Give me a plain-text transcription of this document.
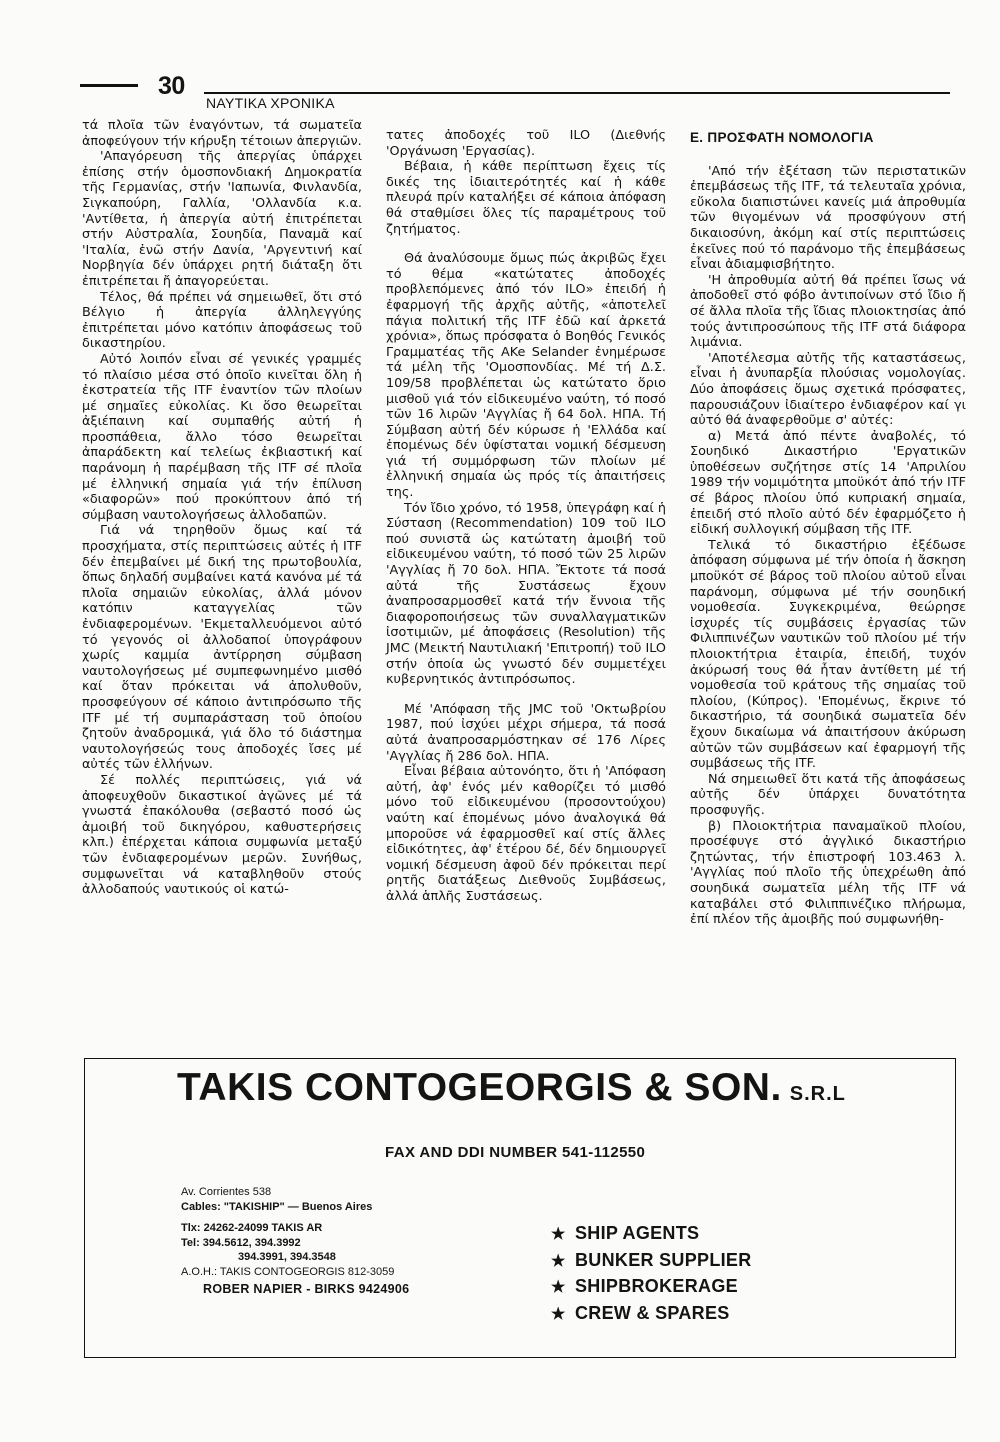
30
ΝΑΥΤΙΚΑ ΧΡΟΝΙΚΑ

τά πλοῖα τῶν ἐναγόντων, τά σωματεῖα ἀποφεύγουν τήν κήρυξη τέτοιων ἀπεργιῶν.

'Απαγόρευση τῆς ἀπεργίας ὑπάρχει ἐπίσης στήν ὁμοσπονδιακή Δημοκρατία τῆς Γερμανίας, στήν 'Ιαπωνία, Φινλανδία, Σιγκαπούρη, Γαλλία, 'Ολλανδία κ.α. 'Αντίθετα, ἡ ἀπεργία αὐτή ἐπιτρέπεται στήν Αὐστραλία, Σουηδία, Παναμᾶ καί 'Ιταλία, ἐνῶ στήν Δανία, 'Αργεντινή καί Νορβηγία δέν ὑπάρχει ρητή διάταξη ὅτι ἐπιτρέπεται ἤ ἀπαγορεύεται.

Τέλος, θά πρέπει νά σημειωθεῖ, ὅτι στό Βέλγιο ἡ ἀπεργία ἀλληλεγγύης ἐπιτρέπεται μόνο κατόπιν ἀποφάσεως τοῦ δικαστηρίου.

Αὐτό λοιπόν εἶναι σέ γενικές γραμμές τό πλαίσιο μέσα στό ὁποῖο κινεῖται ὅλη ἡ ἐκστρατεία τῆς ITF ἐναντίον τῶν πλοίων μέ σημαῖες εὐκολίας. Κι ὅσο θεωρεῖται ἀξιέπαινη καί συμπαθής αὐτή ἡ προσπάθεια, ἄλλο τόσο θεωρεῖται ἀπαράδεκτη καί τελείως ἐκβιαστική καί παράνομη ἡ παρέμβαση τῆς ITF σέ πλοῖα μέ ἑλληνική σημαία γιά τήν ἐπίλυση «διαφορῶν» πού προκύπτουν ἀπό τή σύμβαση ναυτολογήσεως ἀλλοδαπῶν.

Γιά νά τηρηθοῦν ὅμως καί τά προσχήματα, στίς περιπτώσεις αὐτές ἡ ITF δέν ἐπεμβαίνει μέ δική της πρωτοβουλία, ὅπως δηλαδή συμβαίνει κατά κανόνα μέ τά πλοῖα σημαιῶν εὐκολίας, ἀλλά μόνον κατόπιν καταγγελίας τῶν ἐνδιαφερομένων. 'Εκμεταλλευόμενοι αὐτό τό γεγονός οἱ ἀλλοδαποί ὑπογράφουν χωρίς καμμία ἀντίρρηση σύμβαση ναυτολογήσεως μέ συμπεφωνημένο μισθό καί ὅταν πρόκειται νά ἀπολυθοῦν, προσφεύγουν σέ κάποιο ἀντιπρόσωπο τῆς ITF μέ τή συμπαράσταση τοῦ ὁποίου ζητοῦν ἀναδρομικά, γιά ὅλο τό διάστημα ναυτολογήσεώς τους ἀποδοχές ἴσες μέ αὐτές τῶν ἑλλήνων.

Σέ πολλές περιπτώσεις, γιά νά ἀποφευχθοῦν δικαστικοί ἀγῶνες μέ τά γνωστά ἐπακόλουθα (σεβαστό ποσό ὡς ἀμοιβή τοῦ δικηγόρου, καθυστερήσεις κλπ.) ἐπέρχεται κάποια συμφωνία μεταξύ τῶν ἐνδιαφερομένων μερῶν. Συνήθως, συμφωνεῖται νά καταβληθοῦν στούς ἀλλοδαπούς ναυτικούς οἱ κατώ-

τατες ἀποδοχές τοῦ ILO (Διεθνής 'Οργάνωση 'Εργασίας).

Βέβαια, ἡ κάθε περίπτωση ἔχεις τίς δικές της ἰδιαιτερότητές καί ἡ κάθε πλευρά πρίν καταλήξει σέ κάποια ἀπόφαση θά σταθμίσει ὅλες τίς παραμέτρους τοῦ ζητήματος.

Θά ἀναλύσουμε ὅμως πώς ἀκριβῶς ἔχει τό θέμα «κατώτατες ἀποδοχές προβλεπόμενες ἀπό τόν ILO» ἐπειδή ἡ ἐφαρμογή τῆς ἀρχῆς αὐτῆς, «ἀποτελεῖ πάγια πολιτική τῆς ITF ἐδῶ καί ἀρκετά χρόνια», ὅπως πρόσφατα ὁ Βοηθός Γενικός Γραμματέας τῆς AKe Selander ἐνημέρωσε τά μέλη τῆς 'Ομοσπονδίας. Μέ τή Δ.Σ. 109/58 προβλέπεται ὡς κατώτατο ὅριο μισθοῦ γιά τόν εἰδικευμένο ναύτη, τό ποσό τῶν 16 λιρῶν 'Αγγλίας ἤ 64 δολ. ΗΠΑ. Τή Σύμβαση αὐτή δέν κύρωσε ἡ 'Ελλάδα καί ἑπομένως δέν ὑφίσταται νομική δέσμευση γιά τή συμμόρφωση τῶν πλοίων μέ ἑλληνική σημαία ὡς πρός τίς ἀπαιτήσεις της.

Τόν ἴδιο χρόνο, τό 1958, ὑπεγράφη καί ἡ Σύσταση (Recommendation) 109 τοῦ ILO πού συνιστᾶ ὡς κατώτατη ἀμοιβή τοῦ εἰδικευμένου ναύτη, τό ποσό τῶν 25 λιρῶν 'Αγγλίας ἤ 70 δολ. ΗΠΑ. Ἔκτοτε τά ποσά αὐτά τῆς Συστάσεως ἔχουν ἀναπροσαρμοσθεῖ κατά τήν ἔννοια τῆς διαφοροποιήσεως τῶν συναλλαγματικῶν ἰσοτιμιῶν, μέ ἀποφάσεις (Resolution) τῆς JMC (Μεικτή Ναυτιλιακή 'Επιτροπή) τοῦ ILO στήν ὁποία ὡς γνωστό δέν συμμετέχει κυβερνητικός ἀντιπρόσωπος.

Μέ 'Απόφαση τῆς JMC τοῦ 'Οκτωβρίου 1987, πού ἰσχύει μέχρι σήμερα, τά ποσά αὐτά ἀναπροσαρμόστηκαν σέ 176 Λίρες 'Αγγλίας ἤ 286 δολ. ΗΠΑ.

Εἶναι βέβαια αὐτονόητο, ὅτι ἡ 'Απόφαση αὐτή, ἀφ' ἑνός μέν καθορίζει τό μισθό μόνο τοῦ εἰδικευμένου (προσοντούχου) ναύτη καί ἑπομένως μόνο ἀναλογικά θά μποροῦσε νά ἐφαρμοσθεῖ καί στίς ἄλλες εἰδικότητες, ἀφ' ἑτέρου δέ, δέν δημιουργεῖ νομική δέσμευση ἀφοῦ δέν πρόκειται περί ρητῆς διατάξεως Διεθνοῦς Συμβάσεως, ἀλλά ἁπλῆς Συστάσεως.

Ε. ΠΡΟΣΦΑΤΗ ΝΟΜΟΛΟΓΙΑ

'Από τήν ἐξέταση τῶν περιστατικῶν ἐπεμβάσεως τῆς ITF, τά τελευταῖα χρόνια, εὔκολα διαπιστώνει κανείς μιά ἀπροθυμία τῶν θιγομένων νά προσφύγουν στή δικαιοσύνη, ἀκόμη καί στίς περιπτώσεις ἐκεῖνες πού τό παράνομο τῆς ἐπεμβάσεως εἶναι ἀδιαμφισβήτητο.

'Η ἀπροθυμία αὐτή θά πρέπει ἴσως νά ἀποδοθεῖ στό φόβο ἀντιποίνων στό ἴδιο ἤ σέ ἄλλα πλοῖα τῆς ἴδιας πλοιοκτησίας ἀπό τούς ἀντιπροσώπους τῆς ITF στά διάφορα λιμάνια.

'Αποτέλεσμα αὐτῆς τῆς καταστάσεως, εἶναι ἡ ἀνυπαρξία πλούσιας νομολογίας. Δύο ἀποφάσεις ὅμως σχετικά πρόσφατες, παρουσιάζουν ἰδιαίτερο ἐνδιαφέρον καί γι αὐτό θά ἀναφερθοῦμε σ' αὐτές:

α) Μετά ἀπό πέντε ἀναβολές, τό Σουηδικό Δικαστήριο 'Εργατικῶν ὑποθέσεων συζήτησε στίς 14 'Απριλίου 1989 τήν νομιμότητα μποϋκότ ἀπό τήν ITF σέ βάρος πλοίου ὑπό κυπριακή σημαία, ἐπειδή στό πλοῖο αὐτό δέν ἐφαρμόζετο ἡ εἰδική συλλογική σύμβαση τῆς ITF.

Τελικά τό δικαστήριο ἐξέδωσε ἀπόφαση σύμφωνα μέ τήν ὁποία ἡ ἄσκηση μποϋκότ σέ βάρος τοῦ πλοίου αὐτοῦ εἶναι παράνομη, σύμφωνα μέ τήν σουηδική νομοθεσία. Συγκεκριμένα, θεώρησε ἰσχυρές τίς συμβάσεις ἐργασίας τῶν Φιλιππινέζων ναυτικῶν τοῦ πλοίου μέ τήν πλοιοκτήτρια ἑταιρία, ἐπειδή, τυχόν ἀκύρωσή τους θά ἦταν ἀντίθετη μέ τή νομοθεσία τοῦ κράτους τῆς σημαίας τοῦ πλοίου, (Κύπρος). 'Επομένως, ἔκρινε τό δικαστήριο, τά σουηδικά σωματεῖα δέν ἔχουν δικαίωμα νά ἀπαιτήσουν ἀκύρωση αὐτῶν τῶν συμβάσεων καί ἐφαρμογή τῆς συμβάσεως τῆς ITF.

Νά σημειωθεῖ ὅτι κατά τῆς ἀποφάσεως αὐτῆς δέν ὑπάρχει δυνατότητα προσφυγῆς.

β) Πλοιοκτήτρια παναμαϊκοῦ πλοίου, προσέφυγε στό ἀγγλικό δικαστήριο ζητώντας, τήν ἐπιστροφή 103.463 λ. 'Αγγλίας πού πλοῖο τῆς ὑπεχρέωθη ἀπό σουηδικά σωματεῖα μέλη τῆς ITF νά καταβάλει στό Φιλιππινέζικο πλήρωμα, ἐπί πλέον τῆς ἀμοιβῆς πού συμφωνήθη-

TAKIS CONTOGEORGIS & SON. S.R.L
FAX AND DDI NUMBER 541-112550
Av. Corrientes 538
Cables: "TAKISHIP" — Buenos Aires
Tlx: 24262-24099 TAKIS AR
Tel: 394.5612, 394.3992
394.3991, 394.3548
A.O.H.: TAKIS CONTOGEORGIS 812-3059
ROBER NAPIER - BIRKS 9424906
★ SHIP AGENTS
★ BUNKER SUPPLIER
★ SHIPBROKERAGE
★ CREW & SPARES
